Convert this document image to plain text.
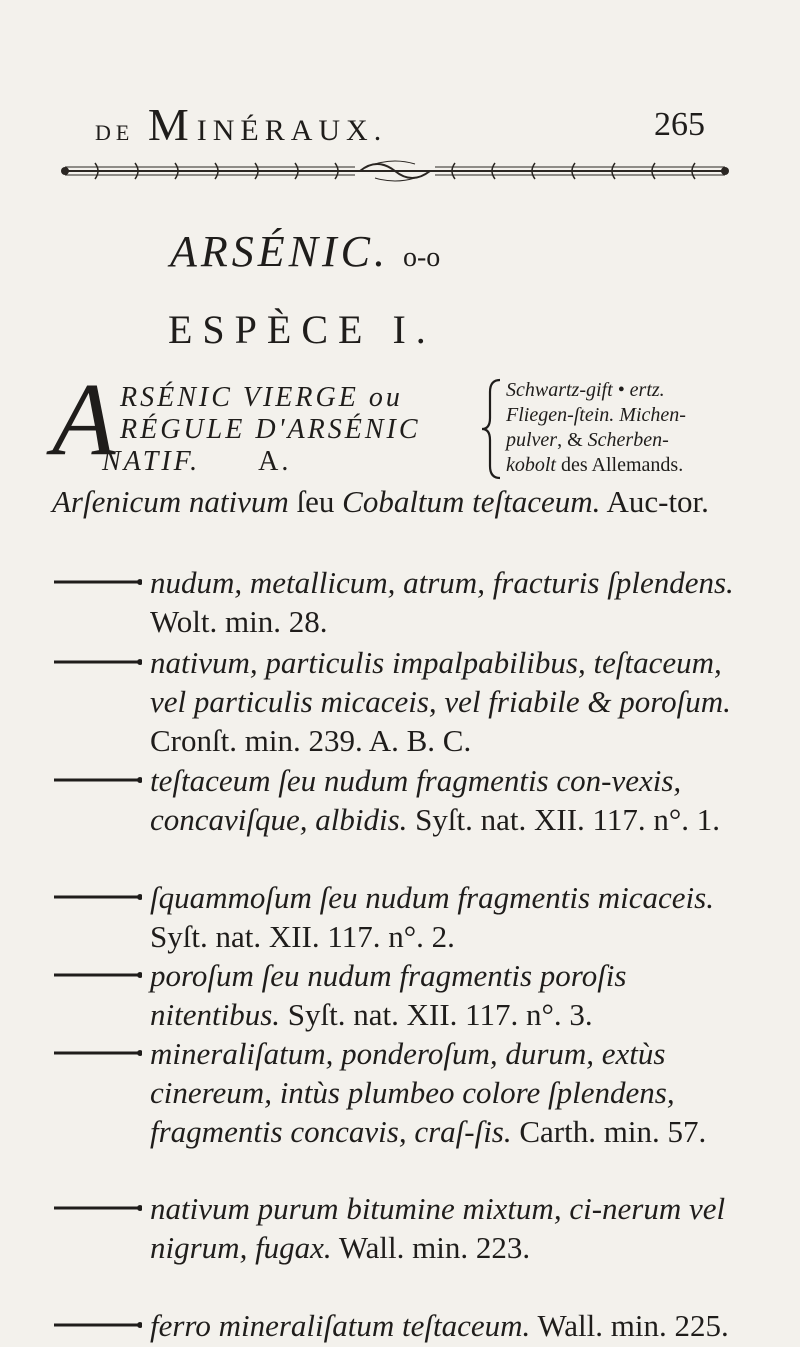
DE MINÉRAUX.	265
ARSÉNIC. o-o
ESPÈCE I.
A RSÉNIC VIERGE ou
RÉGULE D'ARSÉNIC
NATIF. A.
Schwartz-gift • ertz.
Fliegen-ſtein. Michen-
pulver, & Scherben-
kobolt des Allemands.
Arſenicum nativum ſeu Cobaltum teſtaceum. Auc-tor.
nudum, metallicum, atrum, fracturis ſplendens. Wolt. min. 28.
nativum, particulis impalpabilibus, teſtaceum, vel particulis micaceis, vel friabile & poroſum. Cronſt. min. 239. A. B. C.
teſtaceum ſeu nudum fragmentis con-vexis, concaviſque, albidis. Syſt. nat. XII. 117. n°. 1.
ſquammoſum ſeu nudum fragmentis micaceis. Syſt. nat. XII. 117. n°. 2.
poroſum ſeu nudum fragmentis poroſis nitentibus. Syſt. nat. XII. 117. n°. 3.
mineraliſatum, ponderoſum, durum, extùs cinereum, intùs plumbeo colore ſplendens, fragmentis concavis, craſ-ſis. Carth. min. 57.
nativum purum bitumine mixtum, ci-nerum vel nigrum, fugax. Wall. min. 223.
ferro mineraliſatum teſtaceum. Wall. min. 225.
